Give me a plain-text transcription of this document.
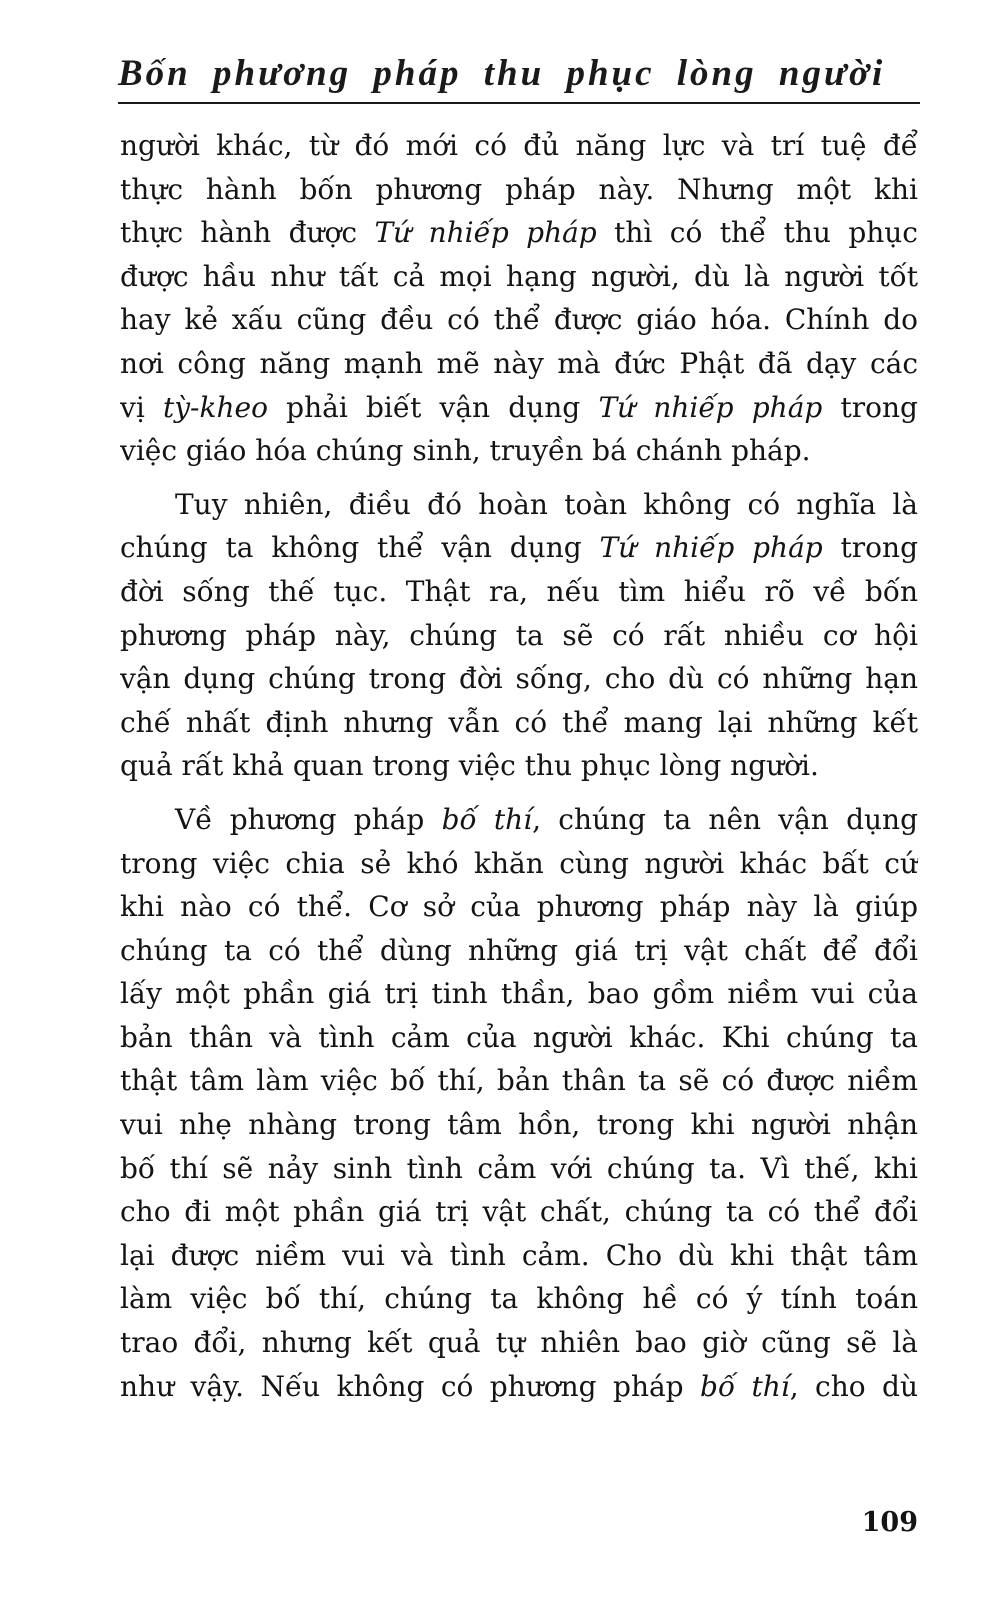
Bốn phương pháp thu phục lòng người
người khác, từ đó mới có đủ năng lực và trí tuệ để
thực hành bốn phương pháp này. Nhưng một khi
thực hành được Tứ nhiếp pháp thì có thể thu phục
được hầu như tất cả mọi hạng người, dù là người tốt
hay kẻ xấu cũng đều có thể được giáo hóa. Chính do
nơi công năng mạnh mẽ này mà đức Phật đã dạy các
vị tỳ-kheo phải biết vận dụng Tứ nhiếp pháp trong
việc giáo hóa chúng sinh, truyền bá chánh pháp.
Tuy nhiên, điều đó hoàn toàn không có nghĩa là
chúng ta không thể vận dụng Tứ nhiếp pháp trong
đời sống thế tục. Thật ra, nếu tìm hiểu rõ về bốn
phương pháp này, chúng ta sẽ có rất nhiều cơ hội
vận dụng chúng trong đời sống, cho dù có những hạn
chế nhất định nhưng vẫn có thể mang lại những kết
quả rất khả quan trong việc thu phục lòng người.
Về phương pháp bố thí, chúng ta nên vận dụng
trong việc chia sẻ khó khăn cùng người khác bất cứ
khi nào có thể. Cơ sở của phương pháp này là giúp
chúng ta có thể dùng những giá trị vật chất để đổi
lấy một phần giá trị tinh thần, bao gồm niềm vui của
bản thân và tình cảm của người khác. Khi chúng ta
thật tâm làm việc bố thí, bản thân ta sẽ có được niềm
vui nhẹ nhàng trong tâm hồn, trong khi người nhận
bố thí sẽ nảy sinh tình cảm với chúng ta. Vì thế, khi
cho đi một phần giá trị vật chất, chúng ta có thể đổi
lại được niềm vui và tình cảm. Cho dù khi thật tâm
làm việc bố thí, chúng ta không hề có ý tính toán
trao đổi, nhưng kết quả tự nhiên bao giờ cũng sẽ là
như vậy. Nếu không có phương pháp bố thí, cho dù
109
